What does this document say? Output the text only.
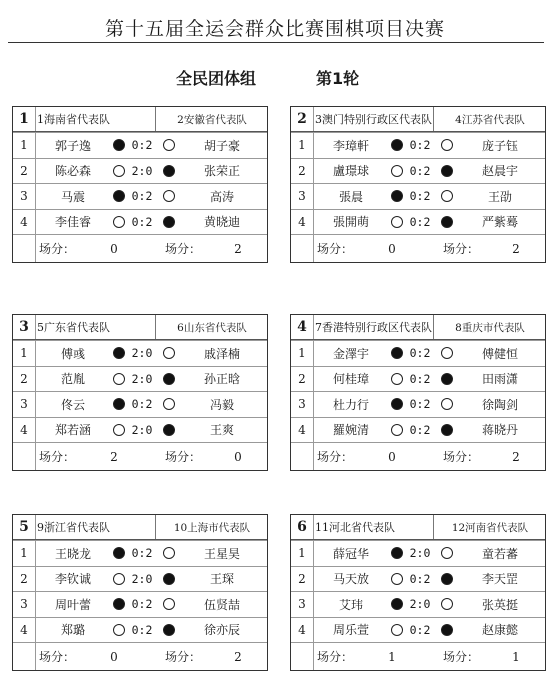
第十五届全运会群众比赛围棋项目决赛
全民团体组	第1轮
1 1海南省代表队	2安徽省代表队
1	郭子逸	0:2	胡子豪
2	陈必森	2:0	张荣正
3	马震	0:2	高涛
4	李佳睿	0:2	黄晓迪
场分：	0	场分：	2
2 3澳门特别行政区代表队	4江苏省代表队
1	李璋軒	0:2	庞子钰
2	盧璟球	0:2	赵晨宇
3	張晨	0:2	王劭
4	張開萌	0:2	严紫蓦
场分：	0	场分：	2
3 5广东省代表队	6山东省代表队
1	傅彧	2:0	戚泽楠
2	范胤	2:0	孙正晗
3	佟云	0:2	冯毅
4	郑若涵	2:0	王爽
场分：	2	场分：	0
4 7香港特别行政区代表队	8重庆市代表队
1	金澤宇	0:2	傅健恒
2	何桂璋	0:2	田雨潇
3	杜力行	0:2	徐陶剑
4	羅婉清	0:2	蒋晓丹
场分：	0	场分：	2
5 9浙江省代表队	10上海市代表队
1	王晓龙	0:2	王星昊
2	李钦诚	2:0	王琛
3	周叶蕾	0:2	伍贤喆
4	郑璐	0:2	徐亦辰
场分：	0	场分：	2
6 11河北省代表队	12河南省代表队
1	薛冠华	2:0	童若蕃
2	马天放	0:2	李天罡
3	艾玮	2:0	张英挺
4	周乐萱	0:2	赵康懿
场分：	1	场分：	1
